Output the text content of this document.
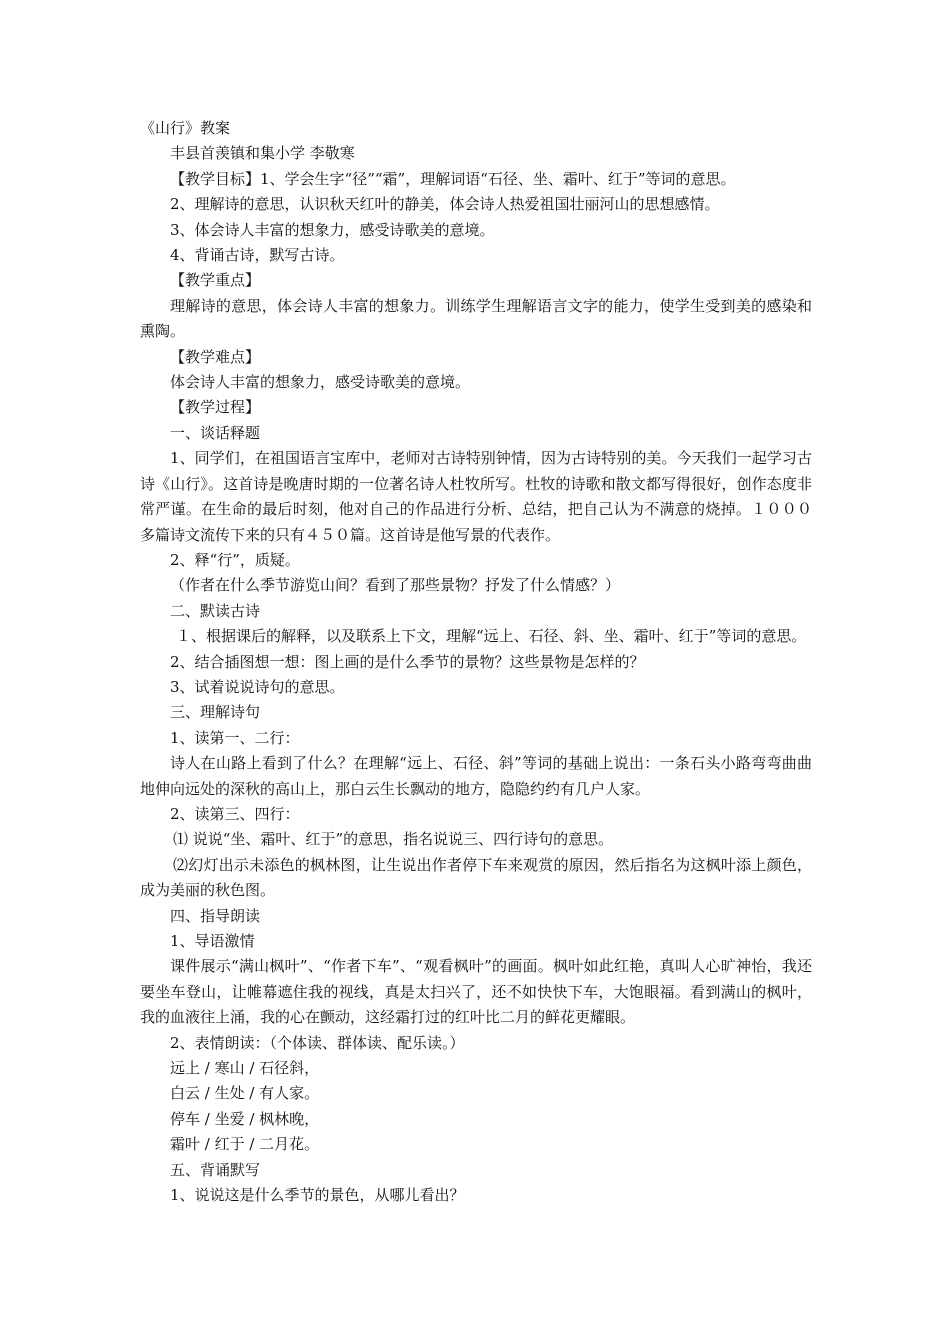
《山行》教案

丰县首羡镇和集小学 李敬寒

【教学目标】1、学会生字“径”“霜”，理解词语“石径、坐、霜叶、红于”等词的意思。

2、理解诗的意思，认识秋天红叶的静美，体会诗人热爱祖国壮丽河山的思想感情。

3、体会诗人丰富的想象力，感受诗歌美的意境。

4、背诵古诗，默写古诗。

【教学重点】

理解诗的意思，体会诗人丰富的想象力。训练学生理解语言文字的能力，使学生受到美的感染和熏陶。

【教学难点】

体会诗人丰富的想象力，感受诗歌美的意境。

【教学过程】

一、谈话释题

1、同学们，在祖国语言宝库中，老师对古诗特别钟情，因为古诗特别的美。今天我们一起学习古诗《山行》。这首诗是晚唐时期的一位著名诗人杜牧所写。杜牧的诗歌和散文都写得很好，创作态度非常严谨。在生命的最后时刻，他对自己的作品进行分析、总结，把自己认为不满意的烧掉。１０００多篇诗文流传下来的只有４５０篇。这首诗是他写景的代表作。

2、释“行”，质疑。

（作者在什么季节游览山间？看到了那些景物？抒发了什么情感？）

二、默读古诗

１、根据课后的解释，以及联系上下文，理解“远上、石径、斜、坐、霜叶、红于”等词的意思。

2、结合插图想一想：图上画的是什么季节的景物？这些景物是怎样的？

3、试着说说诗句的意思。

三、理解诗句

1、读第一、二行：

诗人在山路上看到了什么？在理解“远上、石径、斜”等词的基础上说出：一条石头小路弯弯曲曲地伸向远处的深秋的高山上，那白云生长飘动的地方，隐隐约约有几户人家。

2、读第三、四行：

⑴ 说说“坐、霜叶、红于”的意思，指名说说三、四行诗句的意思。

⑵幻灯出示未添色的枫林图，让生说出作者停下车来观赏的原因，然后指名为这枫叶添上颜色，成为美丽的秋色图。

四、指导朗读

1、导语激情

课件展示“满山枫叶”、“作者下车”、“观看枫叶”的画面。枫叶如此红艳，真叫人心旷神怡，我还要坐车登山，让帷幕遮住我的视线，真是太扫兴了，还不如快快下车，大饱眼福。看到满山的枫叶，我的血液往上涌，我的心在颤动，这经霜打过的红叶比二月的鲜花更耀眼。

2、表情朗读：（个体读、群体读、配乐读。）

远上 / 寒山 / 石径斜，

白云 / 生处 / 有人家。

停车 / 坐爱 / 枫林晚，

霜叶 / 红于 / 二月花。

五、背诵默写

1、说说这是什么季节的景色，从哪儿看出？
